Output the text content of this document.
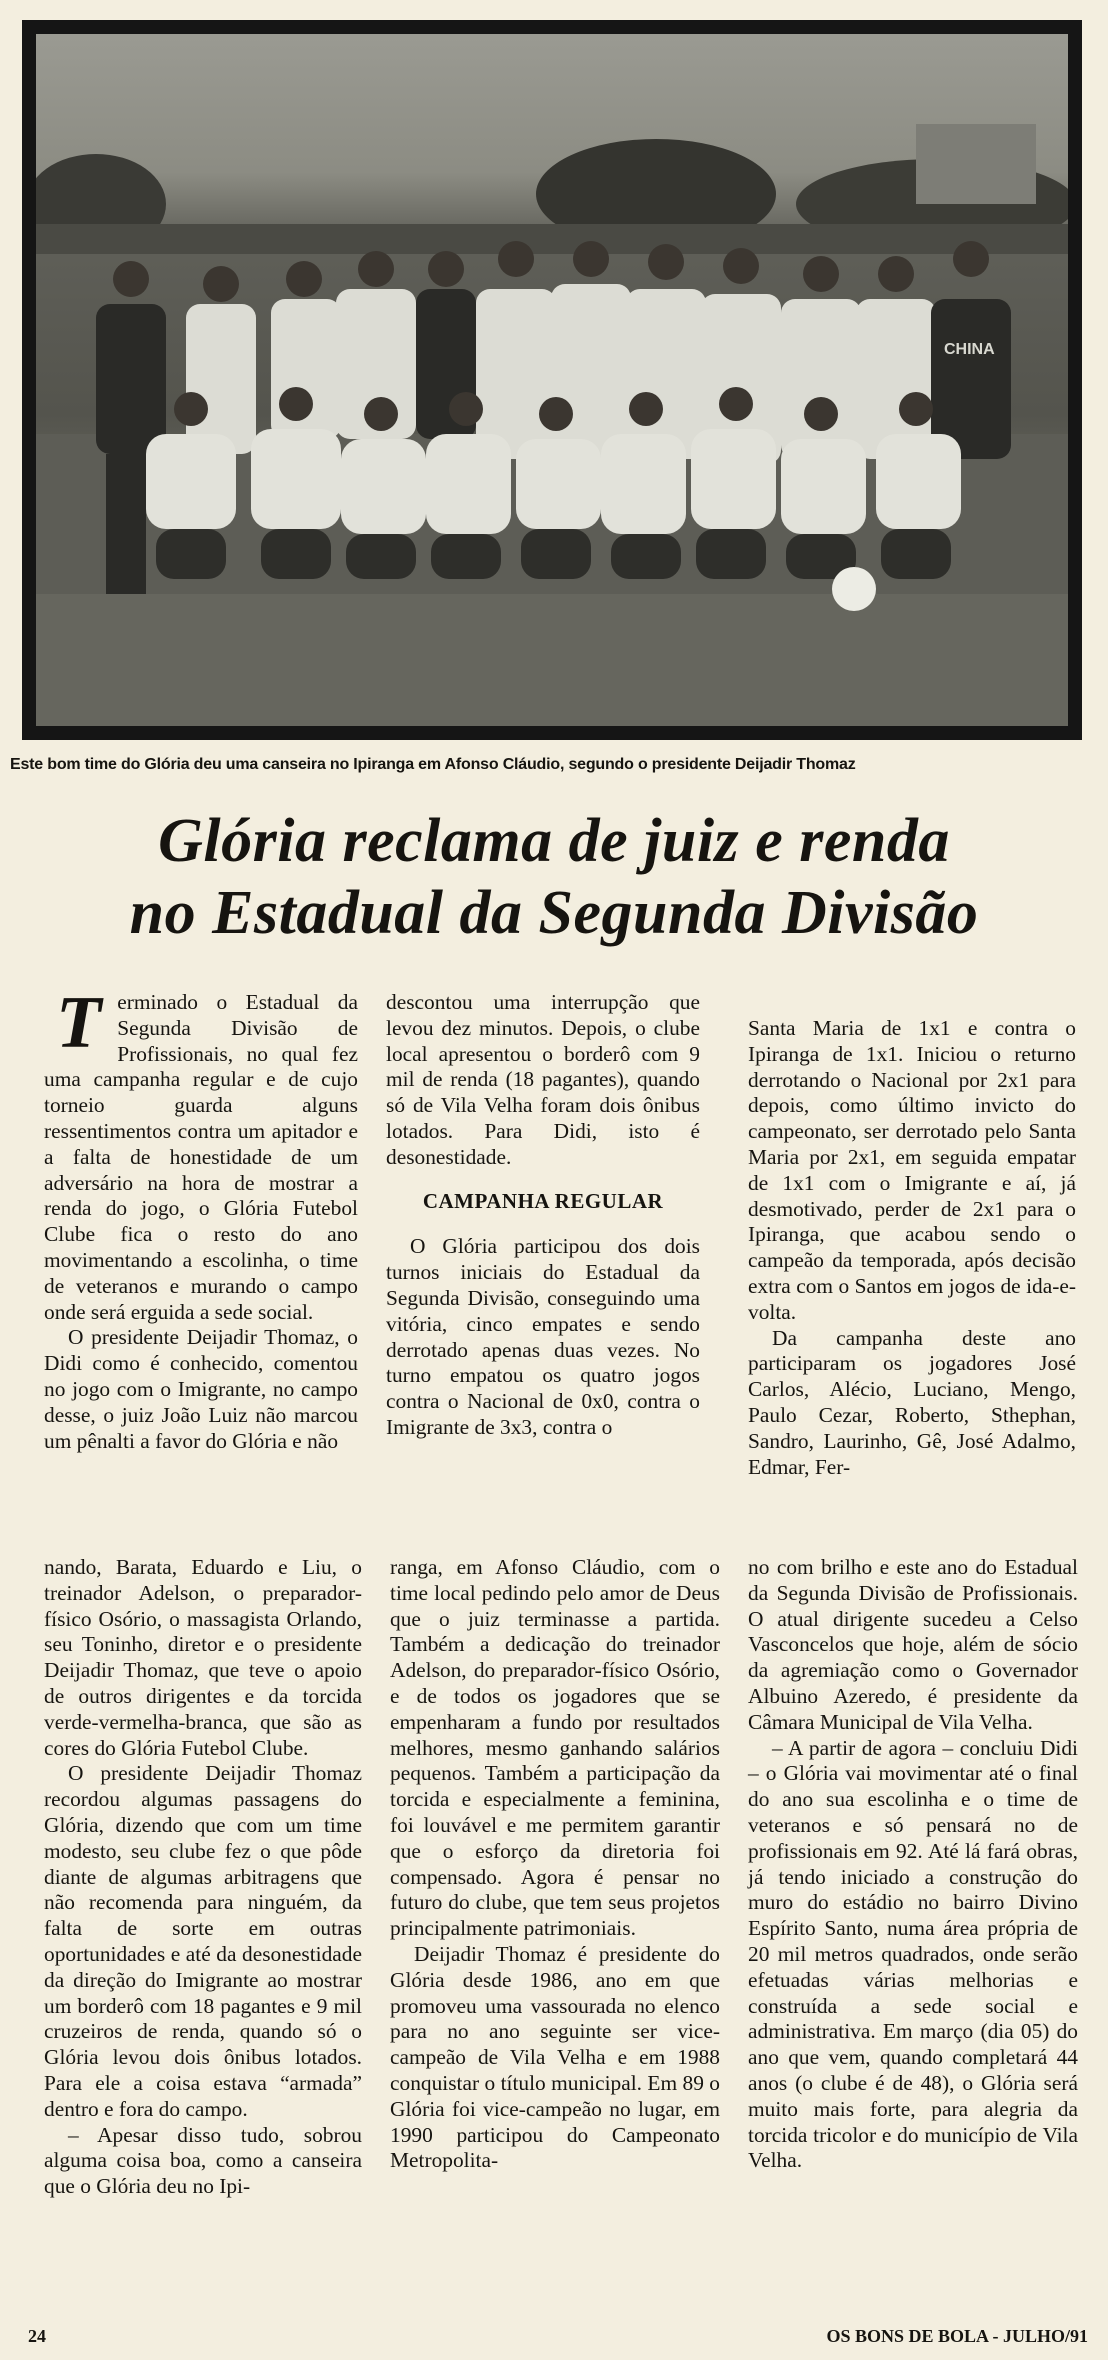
CHINA
Este bom time do Glória deu uma canseira no Ipiranga em Afonso Cláudio, segundo o presidente Deijadir Thomaz
Glória reclama de juiz e renda
no Estadual da Segunda Divisão

Terminado o Estadual da Segunda Divisão de Profissionais, no qual fez uma campanha regular e de cujo torneio guarda alguns ressentimentos contra um apitador e a falta de honestidade de um adversário na hora de mostrar a renda do jogo, o Glória Futebol Clube fica o resto do ano movimentando a escolinha, o time de veteranos e murando o campo onde será erguida a sede social.

O presidente Deijadir Thomaz, o Didi como é conhecido, comentou no jogo com o Imigrante, no campo desse, o juiz João Luiz não marcou um pênalti a favor do Glória e não

descontou uma interrupção que levou dez minutos. Depois, o clube local apresentou o borderô com 9 mil de renda (18 pagantes), quando só de Vila Velha foram dois ônibus lotados. Para Didi, isto é desonestidade.

CAMPANHA REGULAR

O Glória participou dos dois turnos iniciais do Estadual da Segunda Divisão, conseguindo uma vitória, cinco empates e sendo derrotado apenas duas vezes. No turno empatou os quatro jogos contra o Nacional de 0x0, contra o Imigrante de 3x3, contra o

Santa Maria de 1x1 e contra o Ipiranga de 1x1. Iniciou o returno derrotando o Nacional por 2x1 para depois, como último invicto do campeonato, ser derrotado pelo Santa Maria por 2x1, em seguida empatar de 1x1 com o Imigrante e aí, já desmotivado, perder de 2x1 para o Ipiranga, que acabou sendo o campeão da temporada, após decisão extra com o Santos em jogos de ida-e-volta.

Da campanha deste ano participaram os jogadores José Carlos, Alécio, Luciano, Mengo, Paulo Cezar, Roberto, Sthephan, Sandro, Laurinho, Gê, José Adalmo, Edmar, Fer-

nando, Barata, Eduardo e Liu, o treinador Adelson, o preparador-físico Osório, o massagista Orlando, seu Toninho, diretor e o presidente Deijadir Thomaz, que teve o apoio de outros dirigentes e da torcida verde-vermelha-branca, que são as cores do Glória Futebol Clube.

O presidente Deijadir Thomaz recordou algumas passagens do Glória, dizendo que com um time modesto, seu clube fez o que pôde diante de algumas arbitragens que não recomenda para ninguém, da falta de sorte em outras oportunidades e até da desonestidade da direção do Imigrante ao mostrar um borderô com 18 pagantes e 9 mil cruzeiros de renda, quando só o Glória levou dois ônibus lotados. Para ele a coisa estava “armada” dentro e fora do campo.

– Apesar disso tudo, sobrou alguma coisa boa, como a canseira que o Glória deu no Ipi-

ranga, em Afonso Cláudio, com o time local pedindo pelo amor de Deus que o juiz terminasse a partida. Também a dedicação do treinador Adelson, do preparador-físico Osório, e de todos os jogadores que se empenharam a fundo por resultados melhores, mesmo ganhando salários pequenos. Também a participação da torcida e especialmente a feminina, foi louvável e me permitem garantir que o esforço da diretoria foi compensado. Agora é pensar no futuro do clube, que tem seus projetos principalmente patrimoniais.

Deijadir Thomaz é presidente do Glória desde 1986, ano em que promoveu uma vassourada no elenco para no ano seguinte ser vice-campeão de Vila Velha e em 1988 conquistar o título municipal. Em 89 o Glória foi vice-campeão no lugar, em 1990 participou do Campeonato Metropolita-

no com brilho e este ano do Estadual da Segunda Divisão de Profissionais. O atual dirigente sucedeu a Celso Vasconcelos que hoje, além de sócio da agremiação como o Governador Albuino Azeredo, é presidente da Câmara Municipal de Vila Velha.

– A partir de agora – concluiu Didi – o Glória vai movimentar até o final do ano sua escolinha e o time de veteranos e só pensará no de profissionais em 92. Até lá fará obras, já tendo iniciado a construção do muro do estádio no bairro Divino Espírito Santo, numa área própria de 20 mil metros quadrados, onde serão efetuadas várias melhorias e construída a sede social e administrativa. Em março (dia 05) do ano que vem, quando completará 44 anos (o clube é de 48), o Glória será muito mais forte, para alegria da torcida tricolor e do município de Vila Velha.

24	OS BONS DE BOLA - JULHO/91
